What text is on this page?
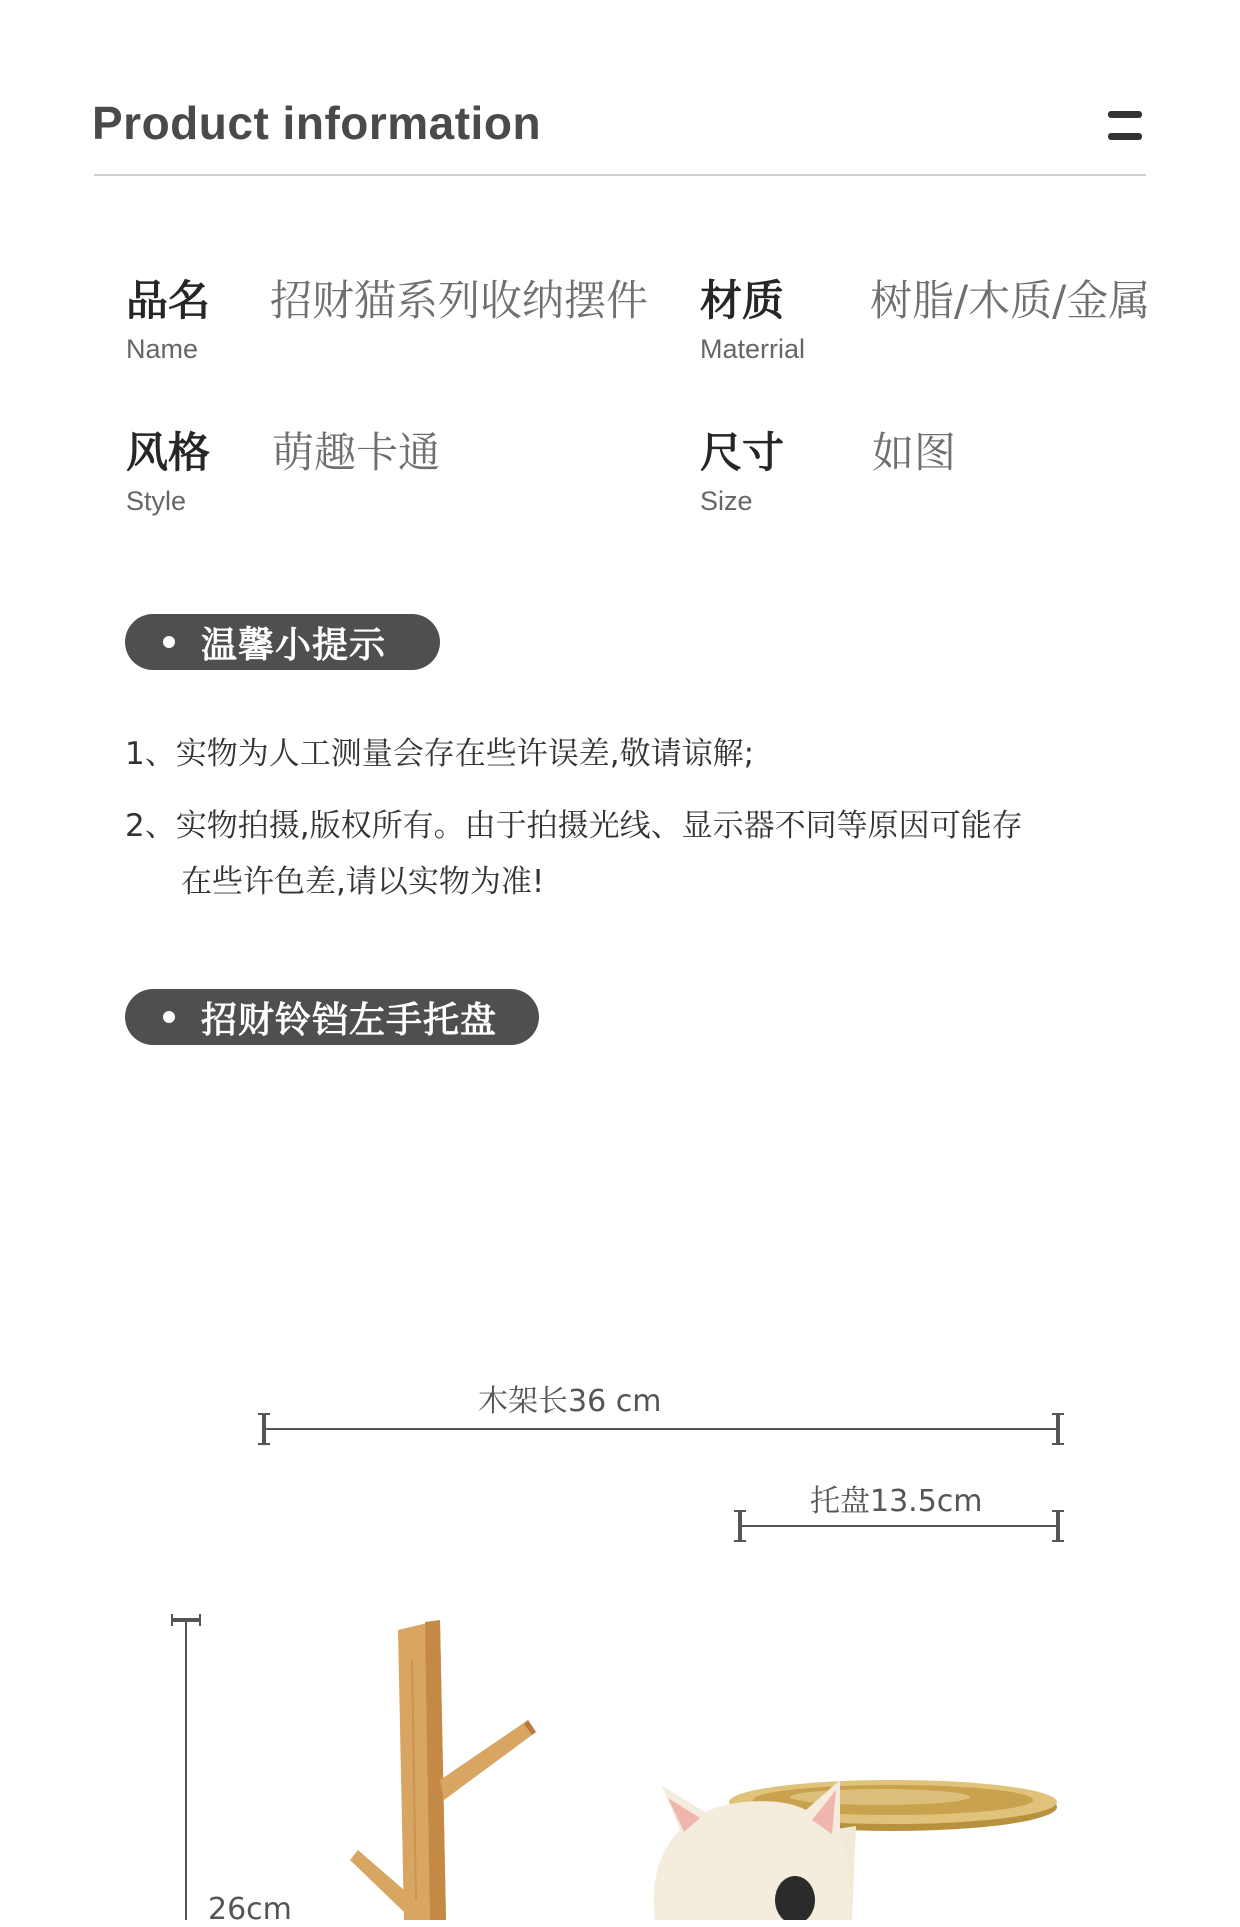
Product information
品名 招财猫系列收纳摆件
Name
材质 树脂/木质/金属
Materrial
风格 萌趣卡通
Style
尺寸 如图
Size
温馨小提示
1、实物为人工测量会存在些许误差,敬请谅解;
2、实物拍摄,版权所有。由于拍摄光线、显示器不同等原因可能存
在些许色差,请以实物为准!
招财铃铛左手托盘
木架长36 cm
托盘13.5cm
26cm
